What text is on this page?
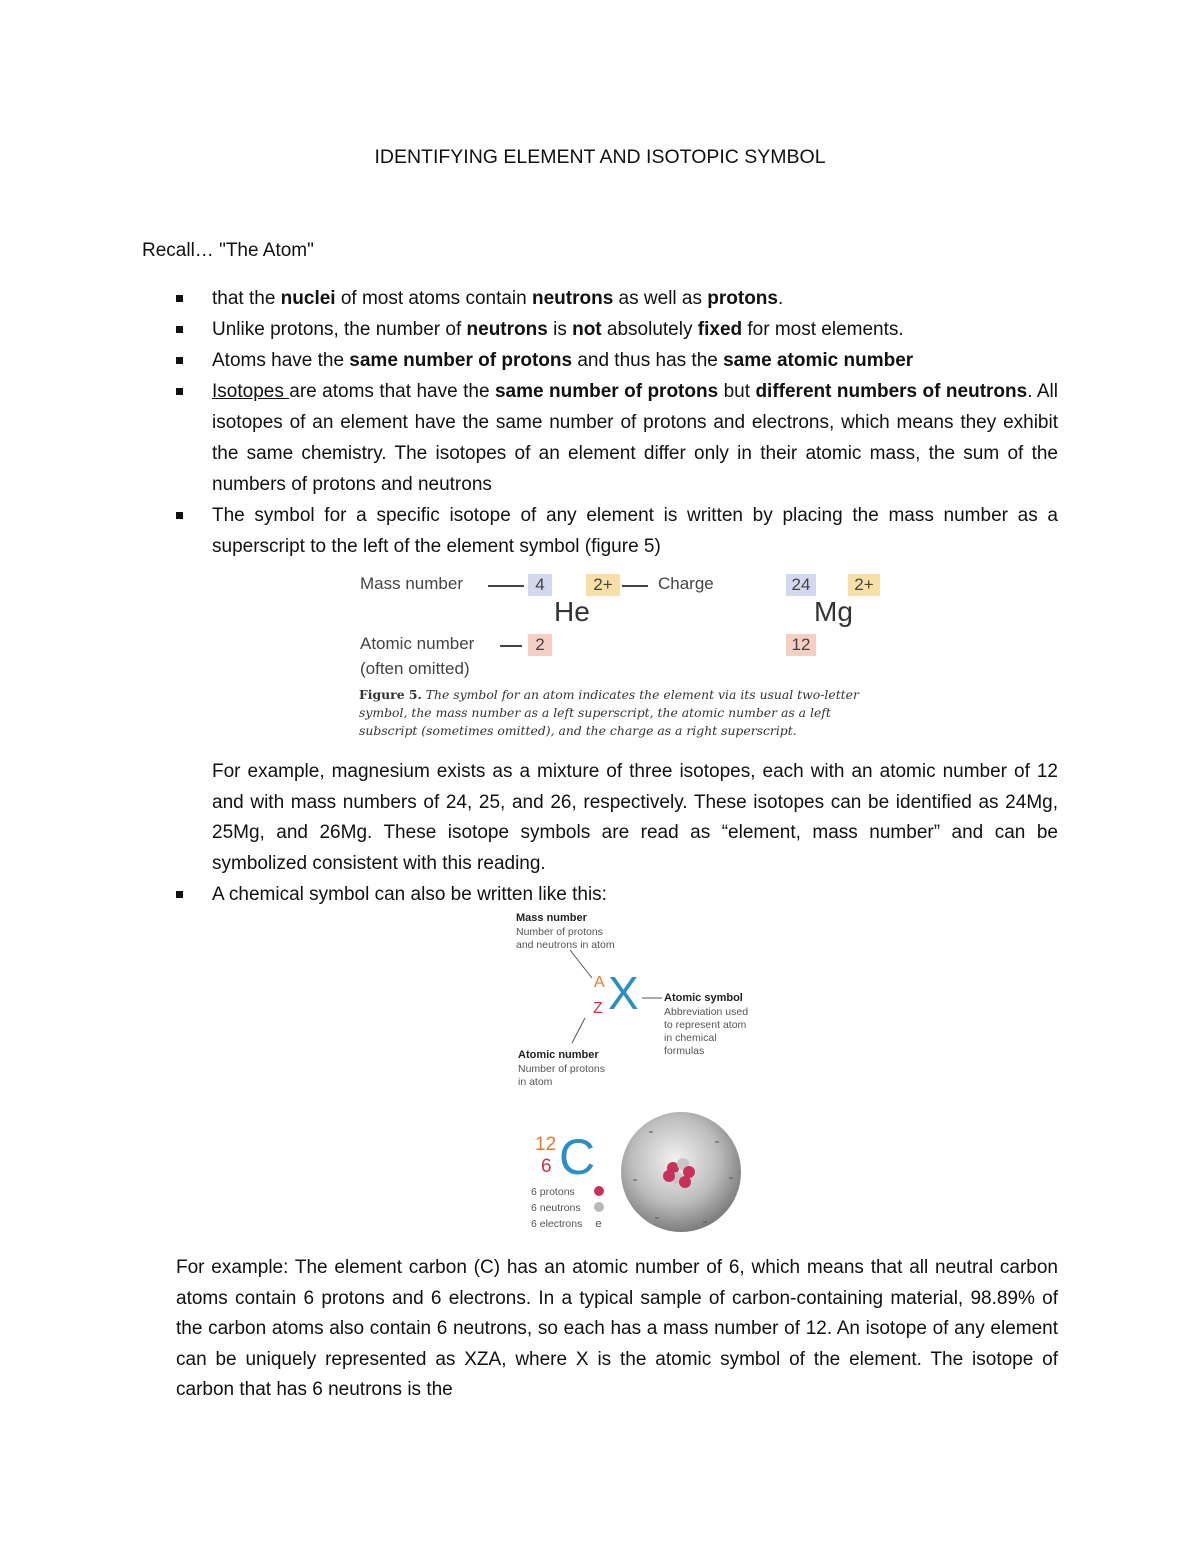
IDENTIFYING ELEMENT AND ISOTOPIC SYMBOL
Recall… "The Atom"
that the nuclei of most atoms contain neutrons as well as protons.
Unlike protons, the number of neutrons is not absolutely fixed for most elements.
Atoms have the same number of protons and thus has the same atomic number
Isotopes are atoms that have the same number of protons but different numbers of neutrons. All isotopes of an element have the same number of protons and electrons, which means they exhibit the same chemistry. The isotopes of an element differ only in their atomic mass, the sum of the numbers of protons and neutrons
The symbol for a specific isotope of any element is written by placing the mass number as a superscript to the left of the element symbol (figure 5)
Mass number	4	2+	Charge
He
Atomic number	2
(often omitted)
24	2+
Mg
12
Figure 5. The symbol for an atom indicates the element via its usual two-letter symbol, the mass number as a left superscript, the atomic number as a left subscript (sometimes omitted), and the charge as a right superscript.

For example, magnesium exists as a mixture of three isotopes, each with an atomic number of 12 and with mass numbers of 24, 25, and 26, respectively. These isotopes can be identified as 24Mg, 25Mg, and 26Mg. These isotope symbols are read as “element, mass number” and can be symbolized consistent with this reading.

A chemical symbol can also be written like this:
Mass number
Number of protons
and neutrons in atom
A
Z X Atomic symbol
Abbreviation used
to represent atom
in chemical
formulas
Atomic number
Number of protons
in atom
12
6 C
6 protons
6 neutrons
6 electrons e

For example: The element carbon (C) has an atomic number of 6, which means that all neutral carbon atoms contain 6 protons and 6 electrons. In a typical sample of carbon-containing material, 98.89% of the carbon atoms also contain 6 neutrons, so each has a mass number of 12. An isotope of any element can be uniquely represented as XZA, where X is the atomic symbol of the element. The isotope of carbon that has 6 neutrons is the
